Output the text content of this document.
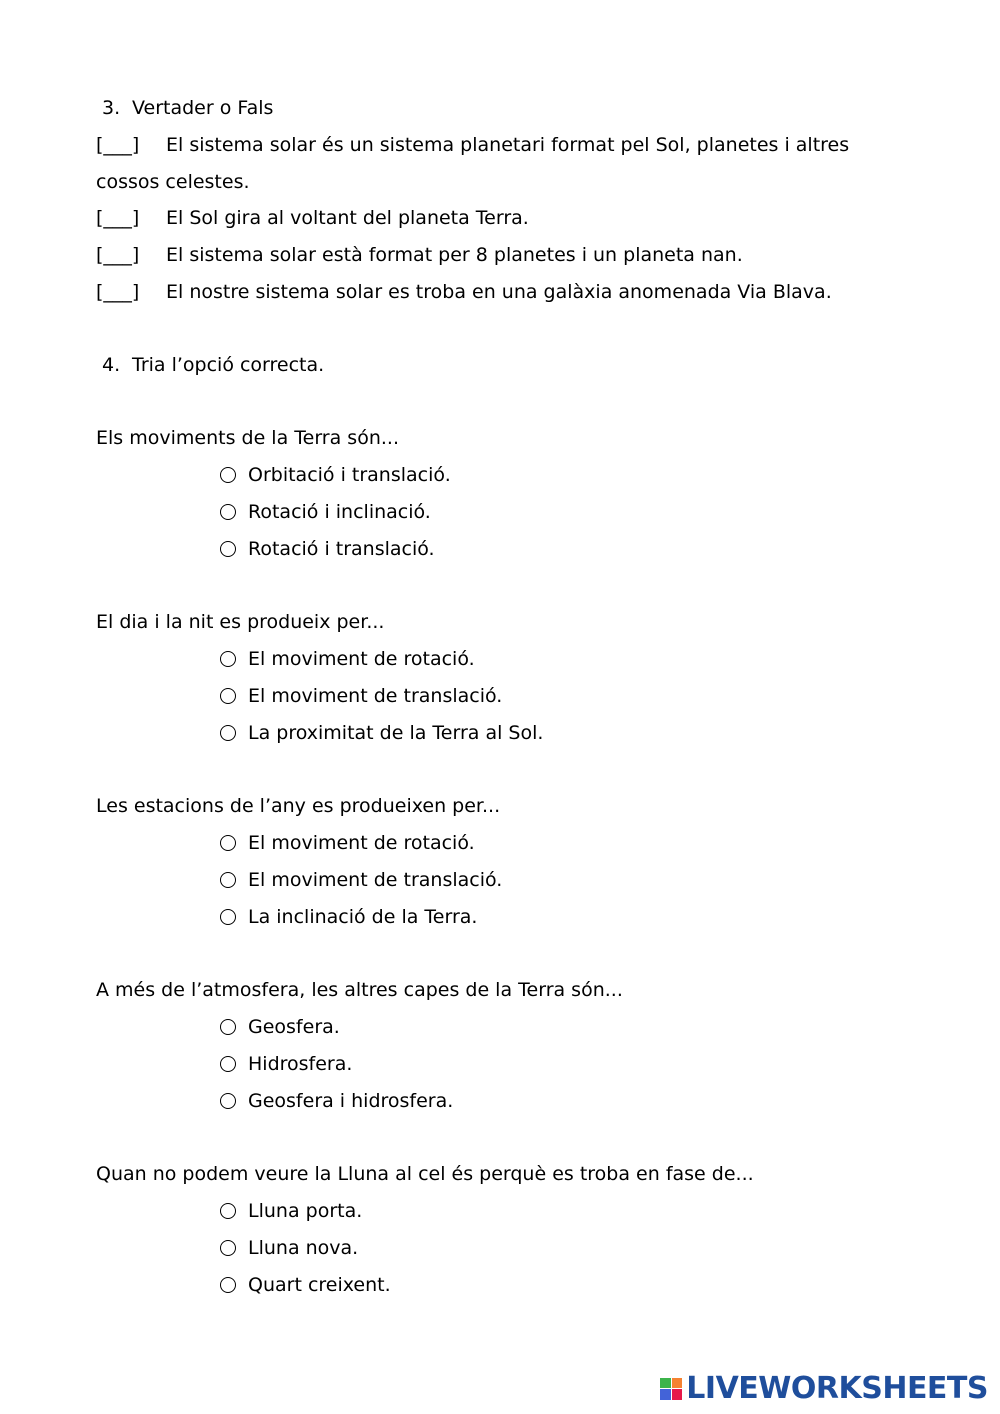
3. Vertader o Fals
[___] El sistema solar és un sistema planetari format pel Sol, planetes i altres
cossos celestes.
[___] El Sol gira al voltant del planeta Terra.
[___] El sistema solar està format per 8 planetes i un planeta nan.
[___] El nostre sistema solar es troba en una galàxia anomenada Via Blava.
4. Tria l’opció correcta.
Els moviments de la Terra són...
Orbitació i translació.
Rotació i inclinació.
Rotació i translació.
El dia i la nit es produeix per...
El moviment de rotació.
El moviment de translació.
La proximitat de la Terra al Sol.
Les estacions de l’any es produeixen per...
El moviment de rotació.
El moviment de translació.
La inclinació de la Terra.
A més de l’atmosfera, les altres capes de la Terra són...
Geosfera.
Hidrosfera.
Geosfera i hidrosfera.
Quan no podem veure la Lluna al cel és perquè es troba en fase de...
Lluna porta.
Lluna nova.
Quart creixent.
LIVEWORKSHEETS
